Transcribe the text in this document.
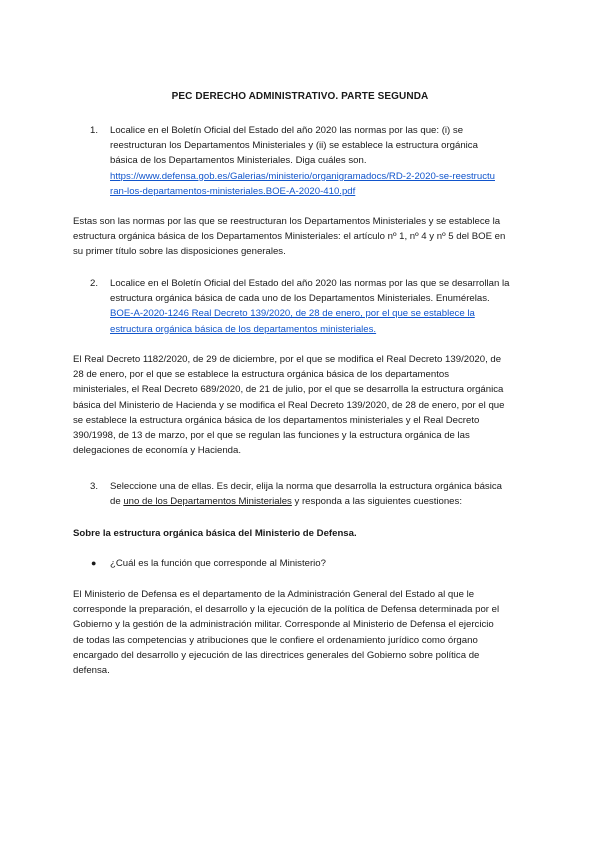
PEC DERECHO ADMINISTRATIVO. PARTE SEGUNDA
1. Localice en el Boletín Oficial del Estado del año 2020 las normas por las que: (i) se
reestructuran los Departamentos Ministeriales y (ii) se establece la estructura orgánica
básica de los Departamentos Ministeriales. Diga cuáles son.
https://www.defensa.gob.es/Galerias/ministerio/organigramadocs/RD-2-2020-se-reestructu
ran-los-departamentos-ministeriales.BOE-A-2020-410.pdf
Estas son las normas por las que se reestructuran los Departamentos Ministeriales y se establece la
estructura orgánica básica de los Departamentos Ministeriales: el artículo nº 1, nº 4 y nº 5 del BOE en
su primer título sobre las disposiciones generales.
2. Localice en el Boletín Oficial del Estado del año 2020 las normas por las que se desarrollan la
estructura orgánica básica de cada uno de los Departamentos Ministeriales. Enumérelas.
BOE-A-2020-1246 Real Decreto 139/2020, de 28 de enero, por el que se establece la
estructura orgánica básica de los departamentos ministeriales.
El Real Decreto 1182/2020, de 29 de diciembre, por el que se modifica el Real Decreto 139/2020, de
28 de enero, por el que se establece la estructura orgánica básica de los departamentos
ministeriales, el Real Decreto 689/2020, de 21 de julio, por el que se desarrolla la estructura orgánica
básica del Ministerio de Hacienda y se modifica el Real Decreto 139/2020, de 28 de enero, por el que
se establece la estructura orgánica básica de los departamentos ministeriales y el Real Decreto
390/1998, de 13 de marzo, por el que se regulan las funciones y la estructura orgánica de las
delegaciones de economía y Hacienda.
3. Seleccione una de ellas. Es decir, elija la norma que desarrolla la estructura orgánica básica
de uno de los Departamentos Ministeriales y responda a las siguientes cuestiones:
Sobre la estructura orgánica básica del Ministerio de Defensa.
● ¿Cuál es la función que corresponde al Ministerio?
El Ministerio de Defensa es el departamento de la Administración General del Estado al que le
corresponde la preparación, el desarrollo y la ejecución de la política de Defensa determinada por el
Gobierno y la gestión de la administración militar. Corresponde al Ministerio de Defensa el ejercicio
de todas las competencias y atribuciones que le confiere el ordenamiento jurídico como órgano
encargado del desarrollo y ejecución de las directrices generales del Gobierno sobre política de
defensa.
